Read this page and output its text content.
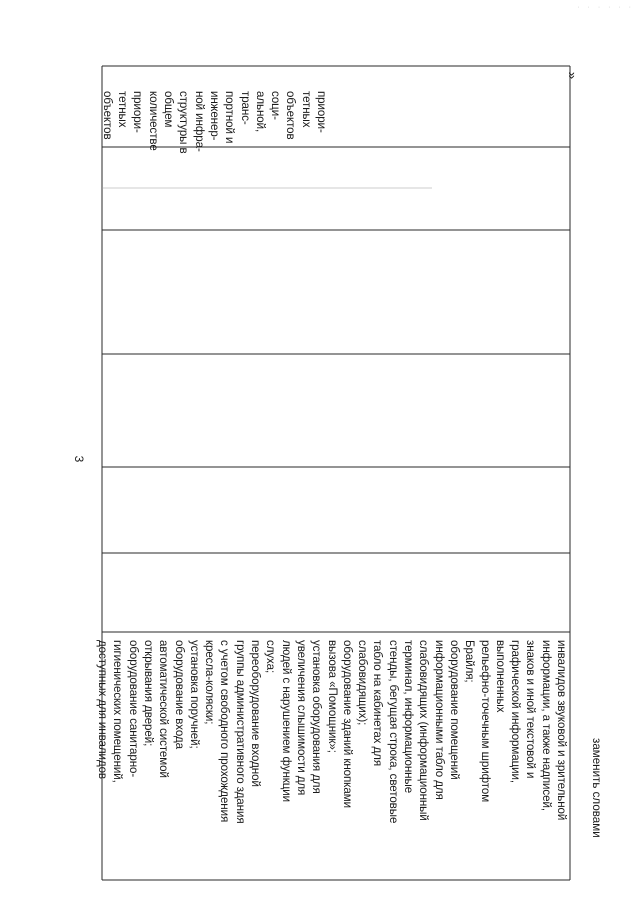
· · · · · ·
3
»
приори-
тетных
объектов
соци-
альной,
транс-
портной и
инженер-
ной инфра-
структуры в
общем
количестве
приори-
тетных
объектов
инвалидов звуковой и зрительной
информации, а также надписей,
знаков и иной текстовой и
графической информации,
выполненных
рельефно-точечным шрифтом
Брайля;
оборудование помещений
информационными табло для
слабовидящих (информационный
терминал, информационные
стенды, бегущая строка, световые
табло на кабинетах для
слабовидящих);
оборудование зданий кнопками
вызова «Помощник»;
установка оборудования для
увеличения слышимости для
людей с нарушением функции
слуха;
переоборудование входной
группы административного здания
с учетом свободного прохождения
кресла-коляски;
установка поручней;
оборудование входа
автоматической системой
открывания дверей;
оборудование санитарно-
гигиенических помещений,
доступных для инвалидов
заменить словами
